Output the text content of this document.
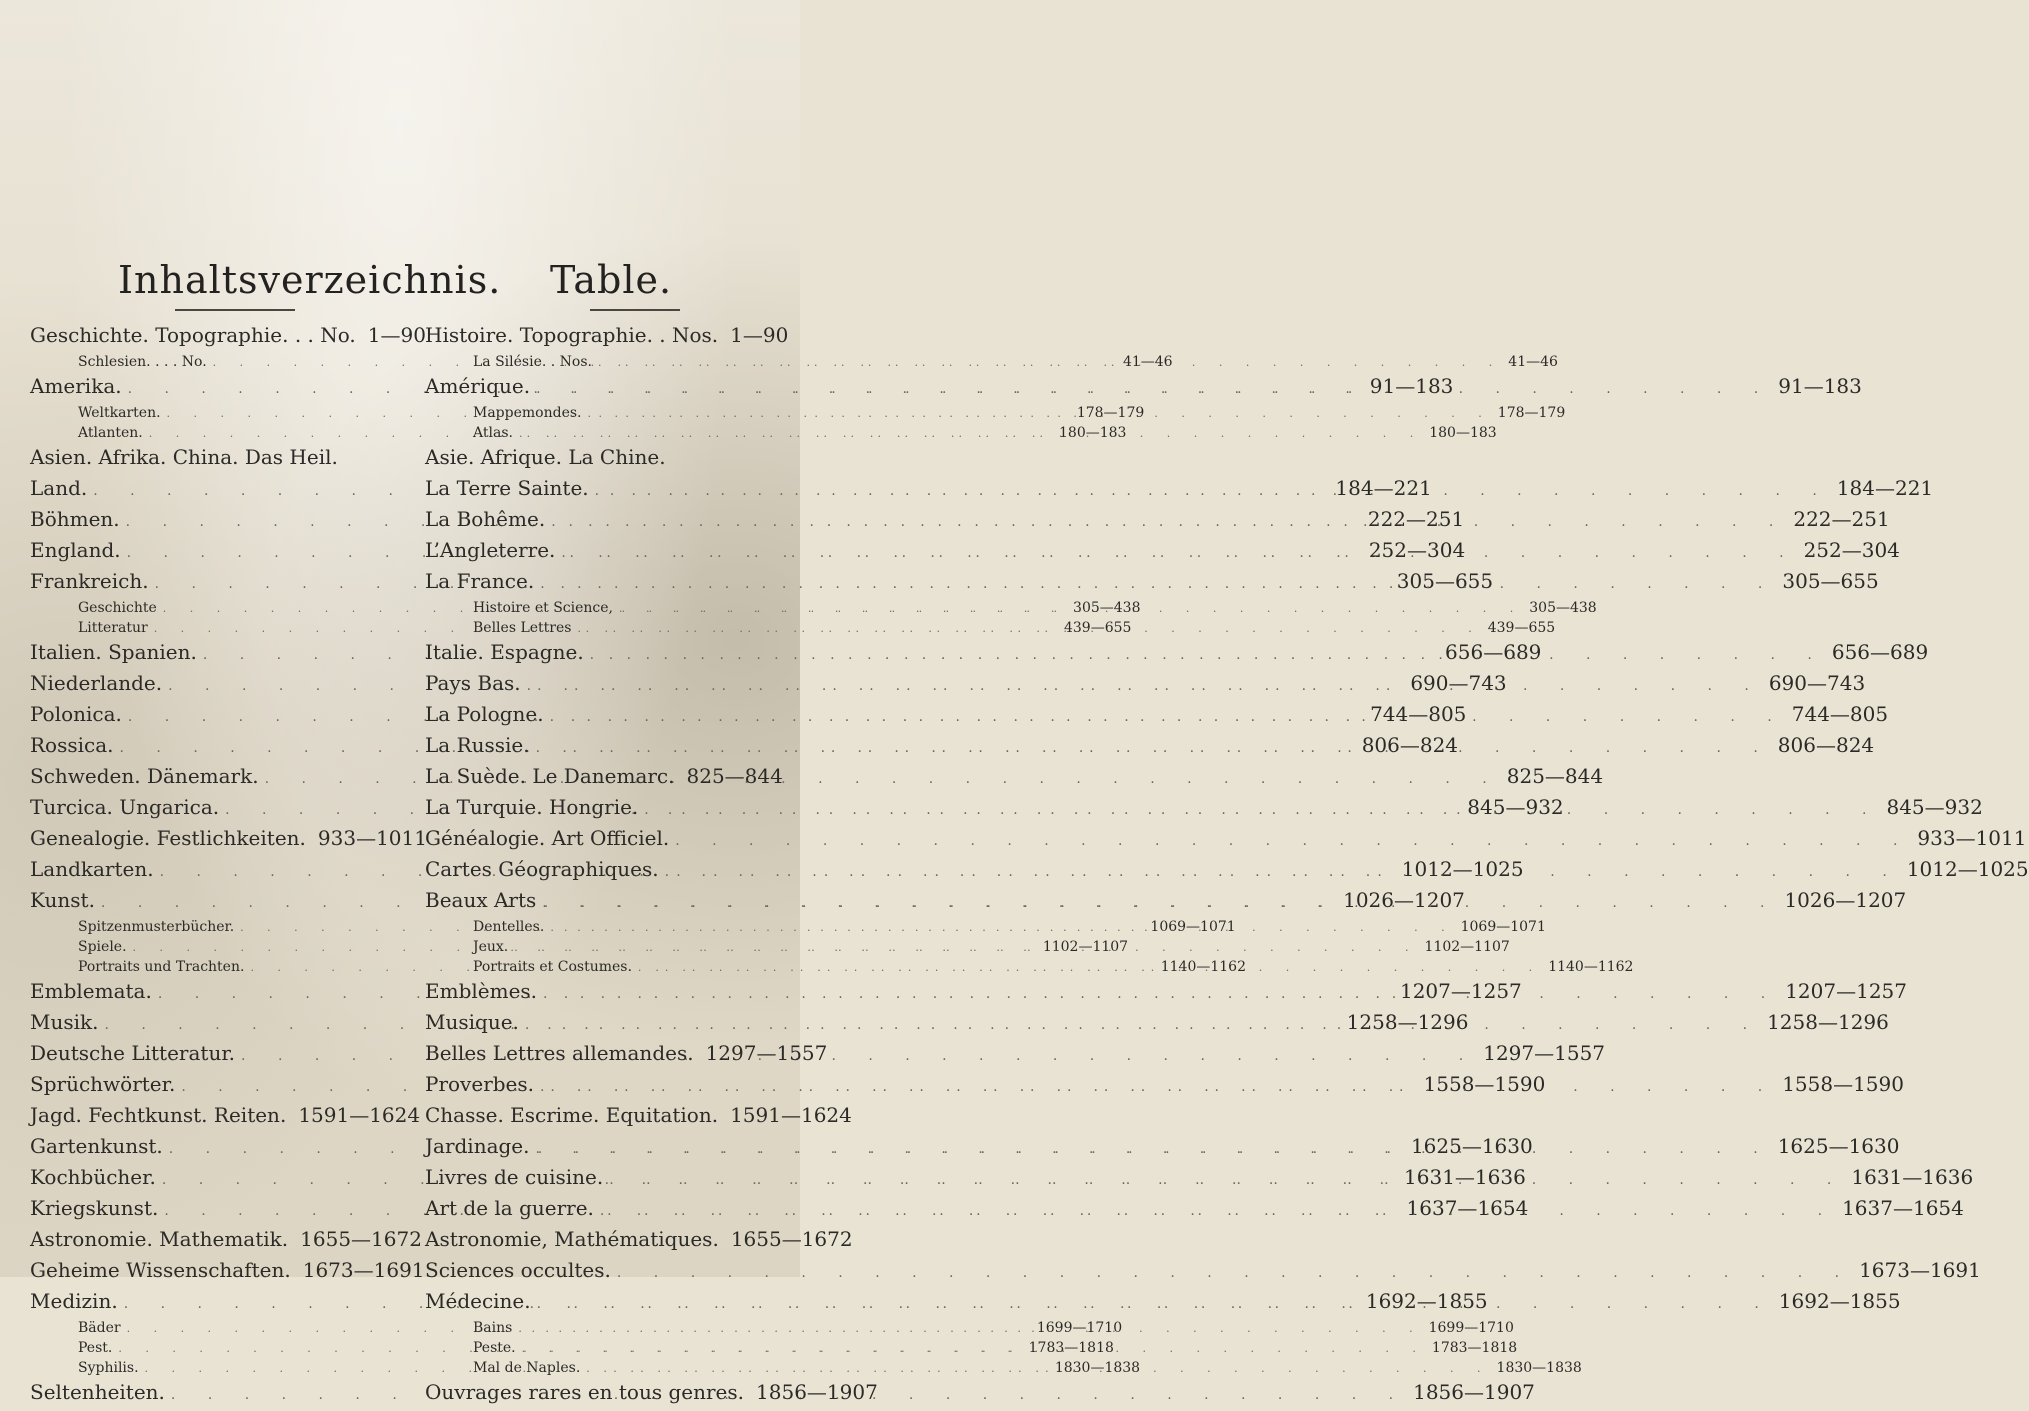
Inhaltsverzeichnis. Table.
Geschichte. Topographie. . . No. 1—90
Schlesien. . . . No. . . .	41—46
Amerika. . . .	91—183
Weltkarten. . . .	178—179
Atlanten. . . .	180—183
Asien. Afrika. China. Das Heil.
Land. . . .	184—221
Böhmen. . . .	222—251
England. . . .	252—304
Frankreich. . . .	305—655
Geschichte . . .	305—438
Litteratur . . .	439—655
Italien. Spanien. . . .	656—689
Niederlande. . . .	690—743
Polonica. . . .	744—805
Rossica. . . .	806—824
Schweden. Dänemark. . . .	825—844
Turcica. Ungarica. . . .	845—932
Genealogie. Festlichkeiten. 933—1011
Landkarten. . . .	1012—1025
Kunst. . . .	1026—1207
Spitzenmusterbücher. . . .	1069—1071
Spiele. . . .	1102—1107
Portraits und Trachten. . . .	1140—1162
Emblemata. . . .	1207—1257
Musik. . . .	1258—1296
Deutsche Litteratur. . . .	1297—1557
Sprüchwörter. . . .	1558—1590
Jagd. Fechtkunst. Reiten. 1591—1624
Gartenkunst. . . .	1625—1630
Kochbücher. . . .	1631—1636
Kriegskunst. . . .	1637—1654
Astronomie. Mathematik. 1655—1672
Geheime Wissenschaften. 1673—1691
Medizin. . . .	1692—1855
Bäder . . .	1699—1710
Pest. . . .	1783—1818
Syphilis. . . .	1830—1838
Seltenheiten. . . .	1856—1907
Histoire. Topographie. . Nos. 1—90
La Silésie. . Nos. . . .	41—46
Amérique. . . .	91—183
Mappemondes. . . .	178—179
Atlas. . . .	180—183
Asie. Afrique. La Chine.
La Terre Sainte. . . .	184—221
La Bohême. . . .	222—251
L’Angleterre. . . .	252—304
La France. . . .	305—655
Histoire et Science, . . .	305—438
Belles Lettres . . .	439—655
Italie. Espagne. . . .	656—689
Pays Bas. . . .	690—743
La Pologne. . . .	744—805
La Russie. . . .	806—824
La Suède. Le Danemarc. 825—844
La Turquie. Hongrie. . . .	845—932
Généalogie. Art Officiel. . . .	933—1011
Cartes Géographiques. . . .	1012—1025
Beaux Arts . . .	1026—1207
Dentelles. . . .	1069—1071
Jeux. . . .	1102—1107
Portraits et Costumes. . . .	1140—1162
Emblèmes. . . .	1207—1257
Musique. . . .	1258—1296
Belles Lettres allemandes. 1297—1557
Proverbes. . . .	1558—1590
Chasse. Escrime. Equitation. 1591—1624
Jardinage. . . .	1625—1630
Livres de cuisine. . . .	1631—1636
Art de la guerre. . . .	1637—1654
Astronomie, Mathématiques. 1655—1672
Sciences occultes. . . .	1673—1691
Médecine. . . .	1692—1855
Bains . . .	1699—1710
Peste. . . .	1783—1818
Mal de Naples. . . .	1830—1838
Ouvrages rares en tous genres. 1856—1907
